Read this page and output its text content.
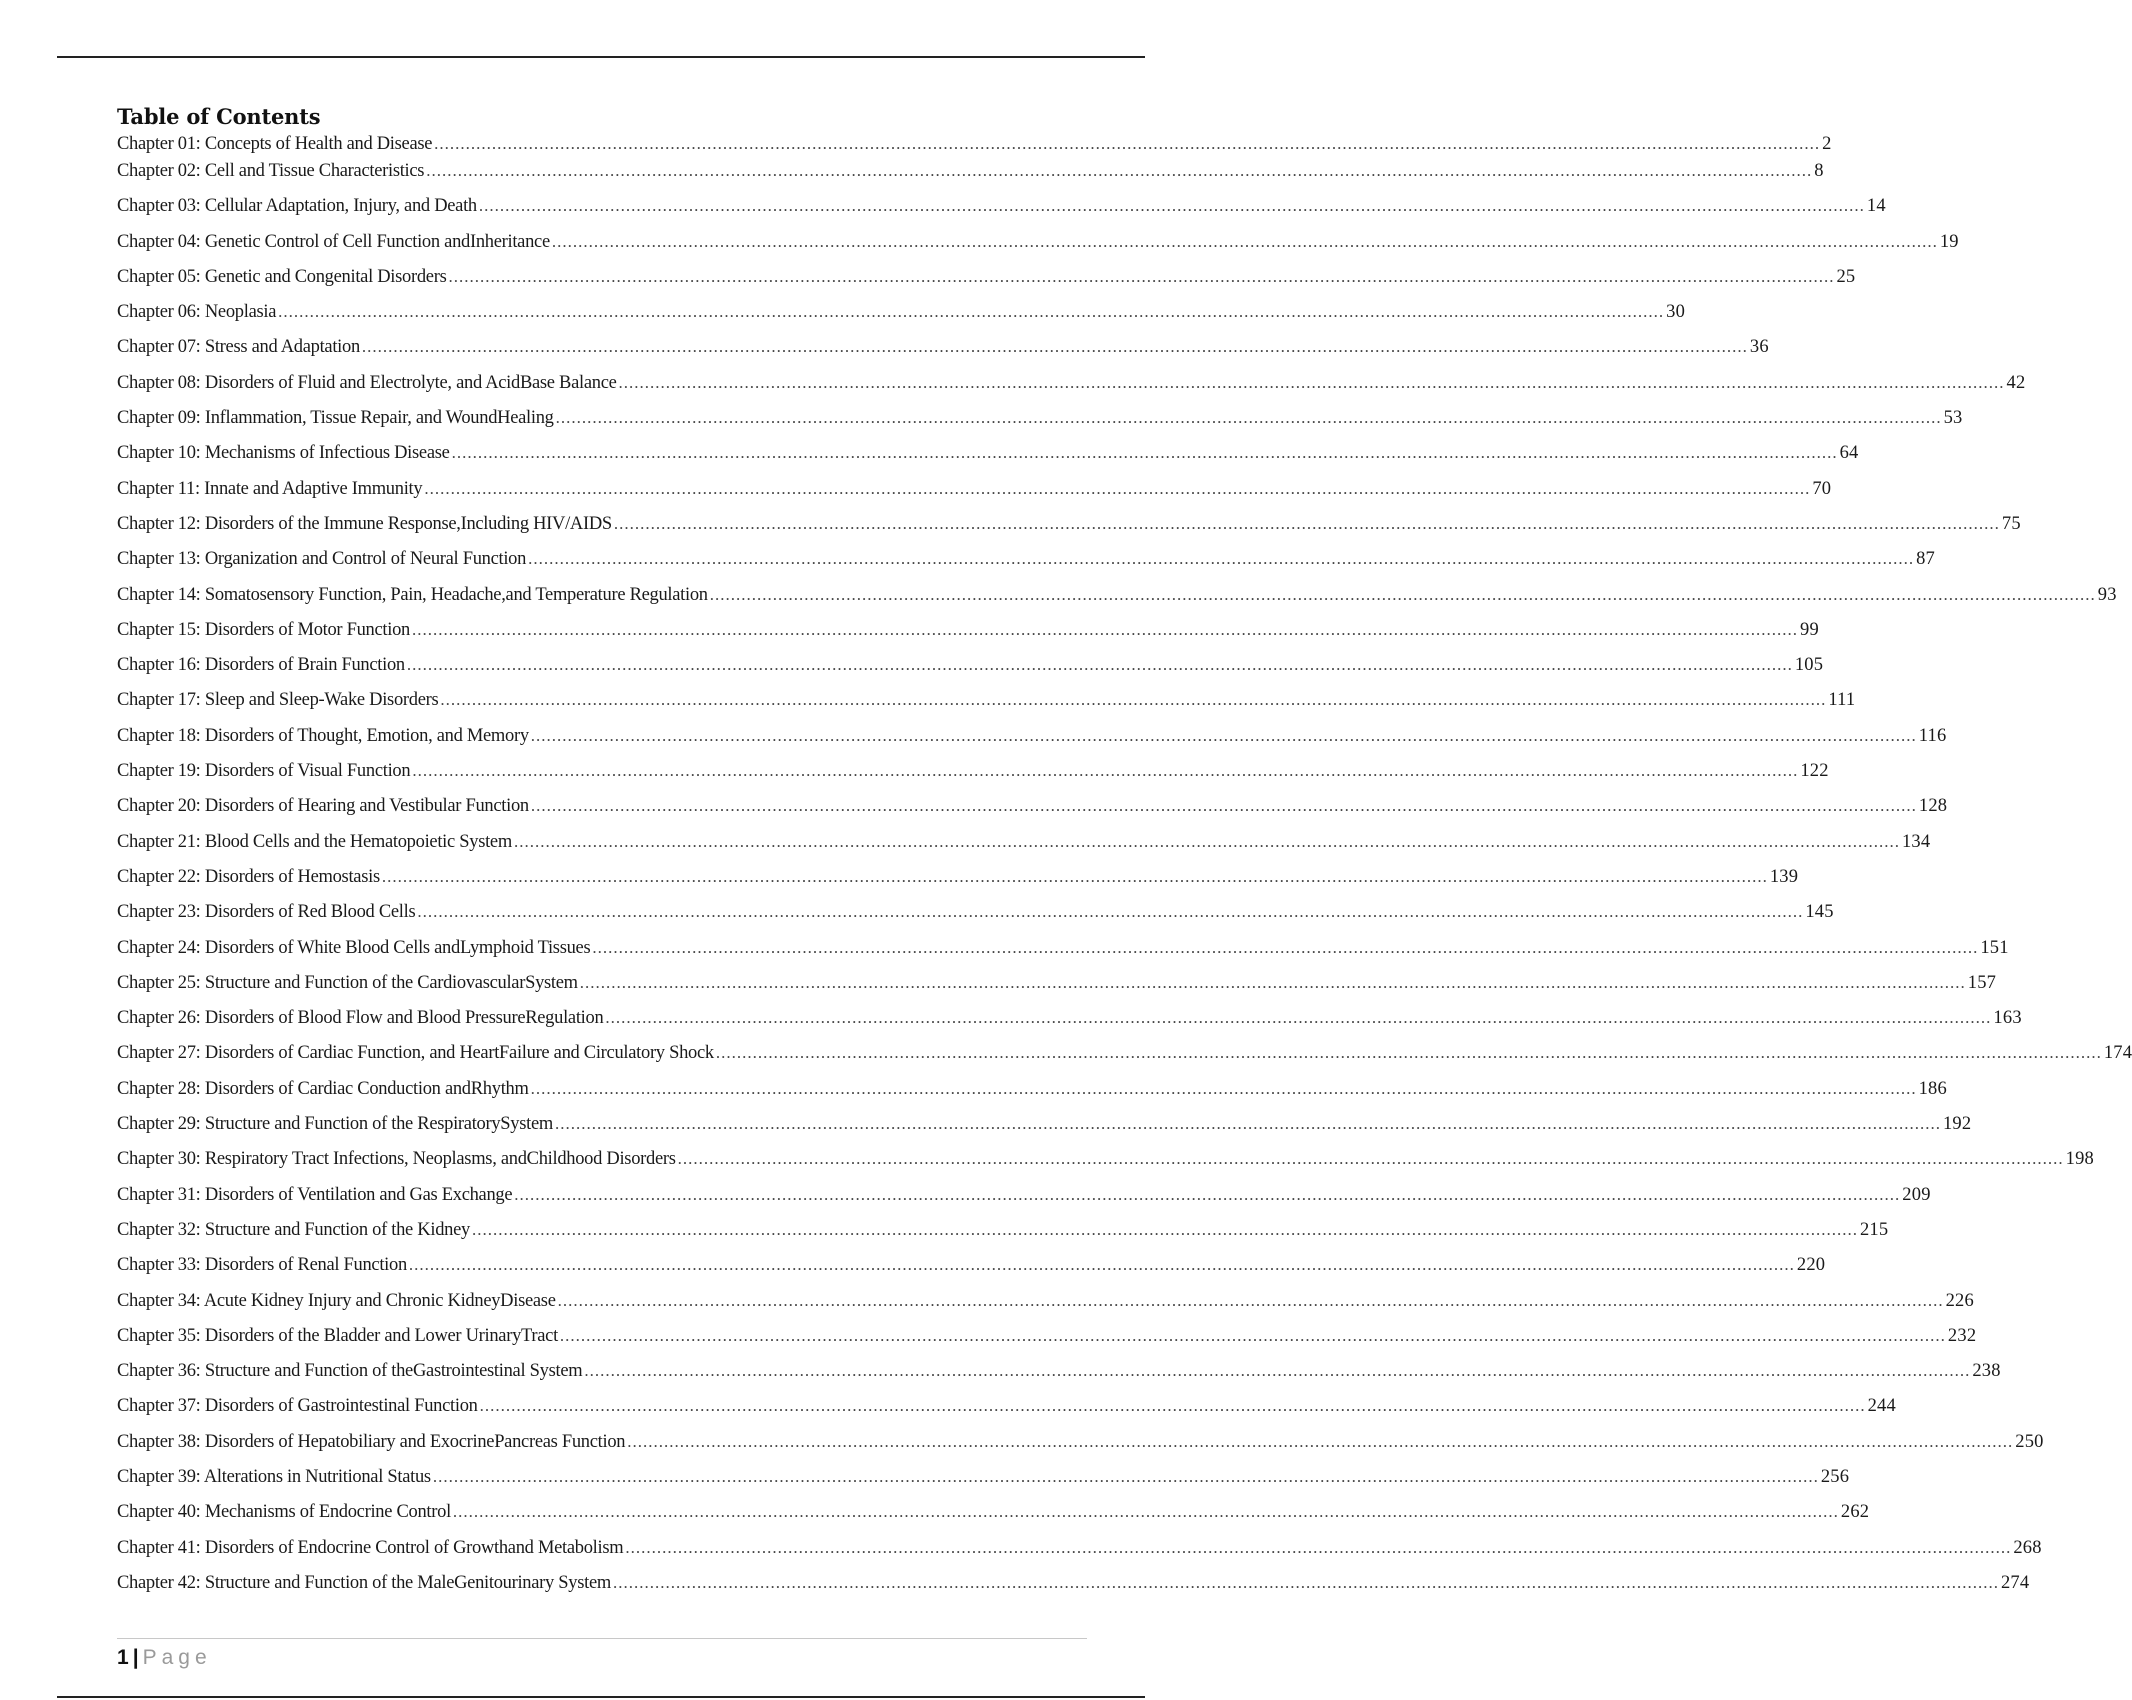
Table of Contents
Chapter 01: Concepts of Health and Disease .....	2
Chapter 02: Cell and Tissue Characteristics .....	8
Chapter 03: Cellular Adaptation, Injury, and Death .....	14
Chapter 04: Genetic Control of Cell Function andInheritance .....	19
Chapter 05: Genetic and Congenital Disorders .....	25
Chapter 06: Neoplasia .....	30
Chapter 07: Stress and Adaptation .....	36
Chapter 08: Disorders of Fluid and Electrolyte, and AcidBase Balance .....	42
Chapter 09: Inflammation, Tissue Repair, and WoundHealing .....	53
Chapter 10: Mechanisms of Infectious Disease .....	64
Chapter 11: Innate and Adaptive Immunity .....	70
Chapter 12: Disorders of the Immune Response,Including HIV/AIDS .....	75
Chapter 13: Organization and Control of Neural Function .....	87
Chapter 14: Somatosensory Function, Pain, Headache,and Temperature Regulation .....	93
Chapter 15: Disorders of Motor Function .....	99
Chapter 16: Disorders of Brain Function .....	105
Chapter 17: Sleep and Sleep-Wake Disorders .....	111
Chapter 18: Disorders of Thought, Emotion, and Memory .....	116
Chapter 19: Disorders of Visual Function .....	122
Chapter 20: Disorders of Hearing and Vestibular Function .....	128
Chapter 21: Blood Cells and the Hematopoietic System .....	134
Chapter 22: Disorders of Hemostasis .....	139
Chapter 23: Disorders of Red Blood Cells .....	145
Chapter 24: Disorders of White Blood Cells andLymphoid Tissues .....	151
Chapter 25: Structure and Function of the CardiovascularSystem .....	157
Chapter 26: Disorders of Blood Flow and Blood PressureRegulation .....	163
Chapter 27: Disorders of Cardiac Function, and HeartFailure and Circulatory Shock .....	174
Chapter 28: Disorders of Cardiac Conduction andRhythm .....	186
Chapter 29: Structure and Function of the RespiratorySystem .....	192
Chapter 30: Respiratory Tract Infections, Neoplasms, andChildhood Disorders .....	198
Chapter 31: Disorders of Ventilation and Gas Exchange .....	209
Chapter 32: Structure and Function of the Kidney .....	215
Chapter 33: Disorders of Renal Function .....	220
Chapter 34: Acute Kidney Injury and Chronic KidneyDisease .....	226
Chapter 35: Disorders of the Bladder and Lower UrinaryTract .....	232
Chapter 36: Structure and Function of theGastrointestinal System .....	238
Chapter 37: Disorders of Gastrointestinal Function .....	244
Chapter 38: Disorders of Hepatobiliary and ExocrinePancreas Function .....	250
Chapter 39: Alterations in Nutritional Status .....	256
Chapter 40: Mechanisms of Endocrine Control .....	262
Chapter 41: Disorders of Endocrine Control of Growthand Metabolism .....	268
Chapter 42: Structure and Function of the MaleGenitourinary System .....	274
1 | Page
